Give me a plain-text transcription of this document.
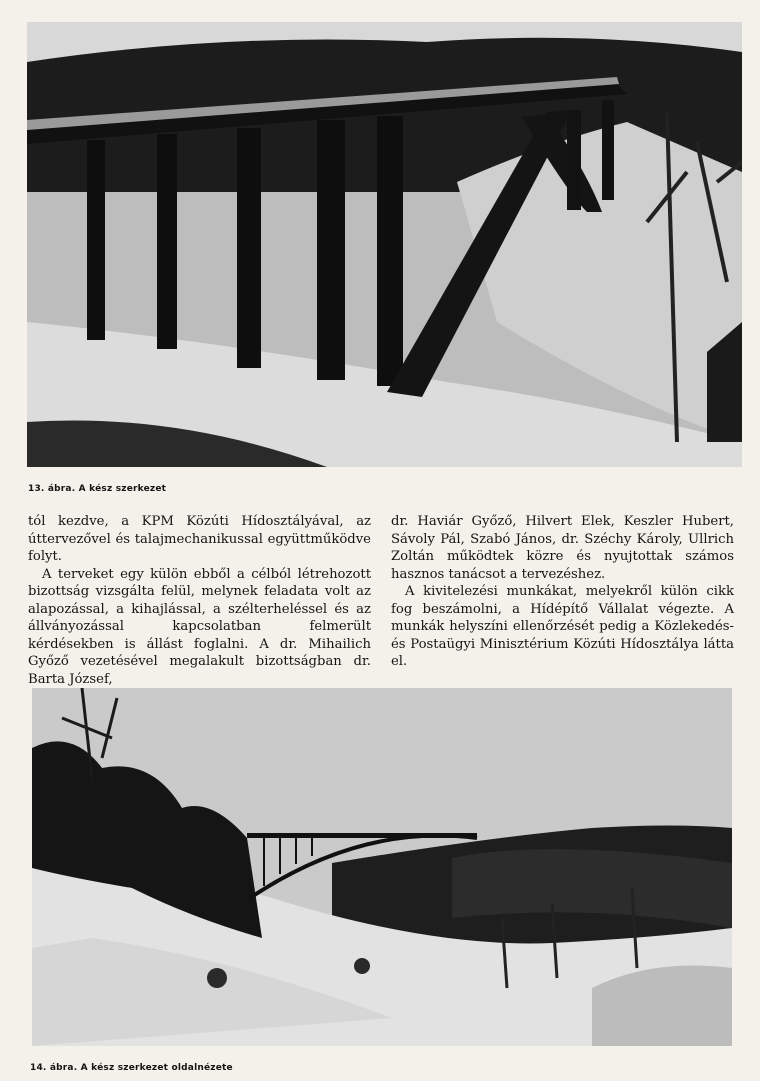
13. ábra. A kész szerkezet

tól kezdve, a KPM Közúti Hídosztályával, az úttervezővel és talajmechanikussal együttműködve folyt.

A terveket egy külön ebből a célból létrehozott bizottság vizsgálta felül, melynek feladata volt az alapozással, a kihajlással, a szélterheléssel és az állványozással kapcsolatban felmerült kérdésekben is állást foglalni. A dr. Mihailich Győző vezetésével megalakult bizottságban dr. Barta József,

dr. Haviár Győző, Hilvert Elek, Keszler Hubert, Sávoly Pál, Szabó János, dr. Széchy Károly, Ullrich Zoltán működtek közre és nyujtottak számos hasznos tanácsot a tervezéshez.

A kivitelezési munkákat, melyekről külön cikk fog beszámolni, a Hídépítő Vállalat végezte. A munkák helyszíni ellenőrzését pedig a Közlekedés- és Postaügyi Minisztérium Közúti Hídosztálya látta el.

14. ábra. A kész szerkezet oldalnézete
